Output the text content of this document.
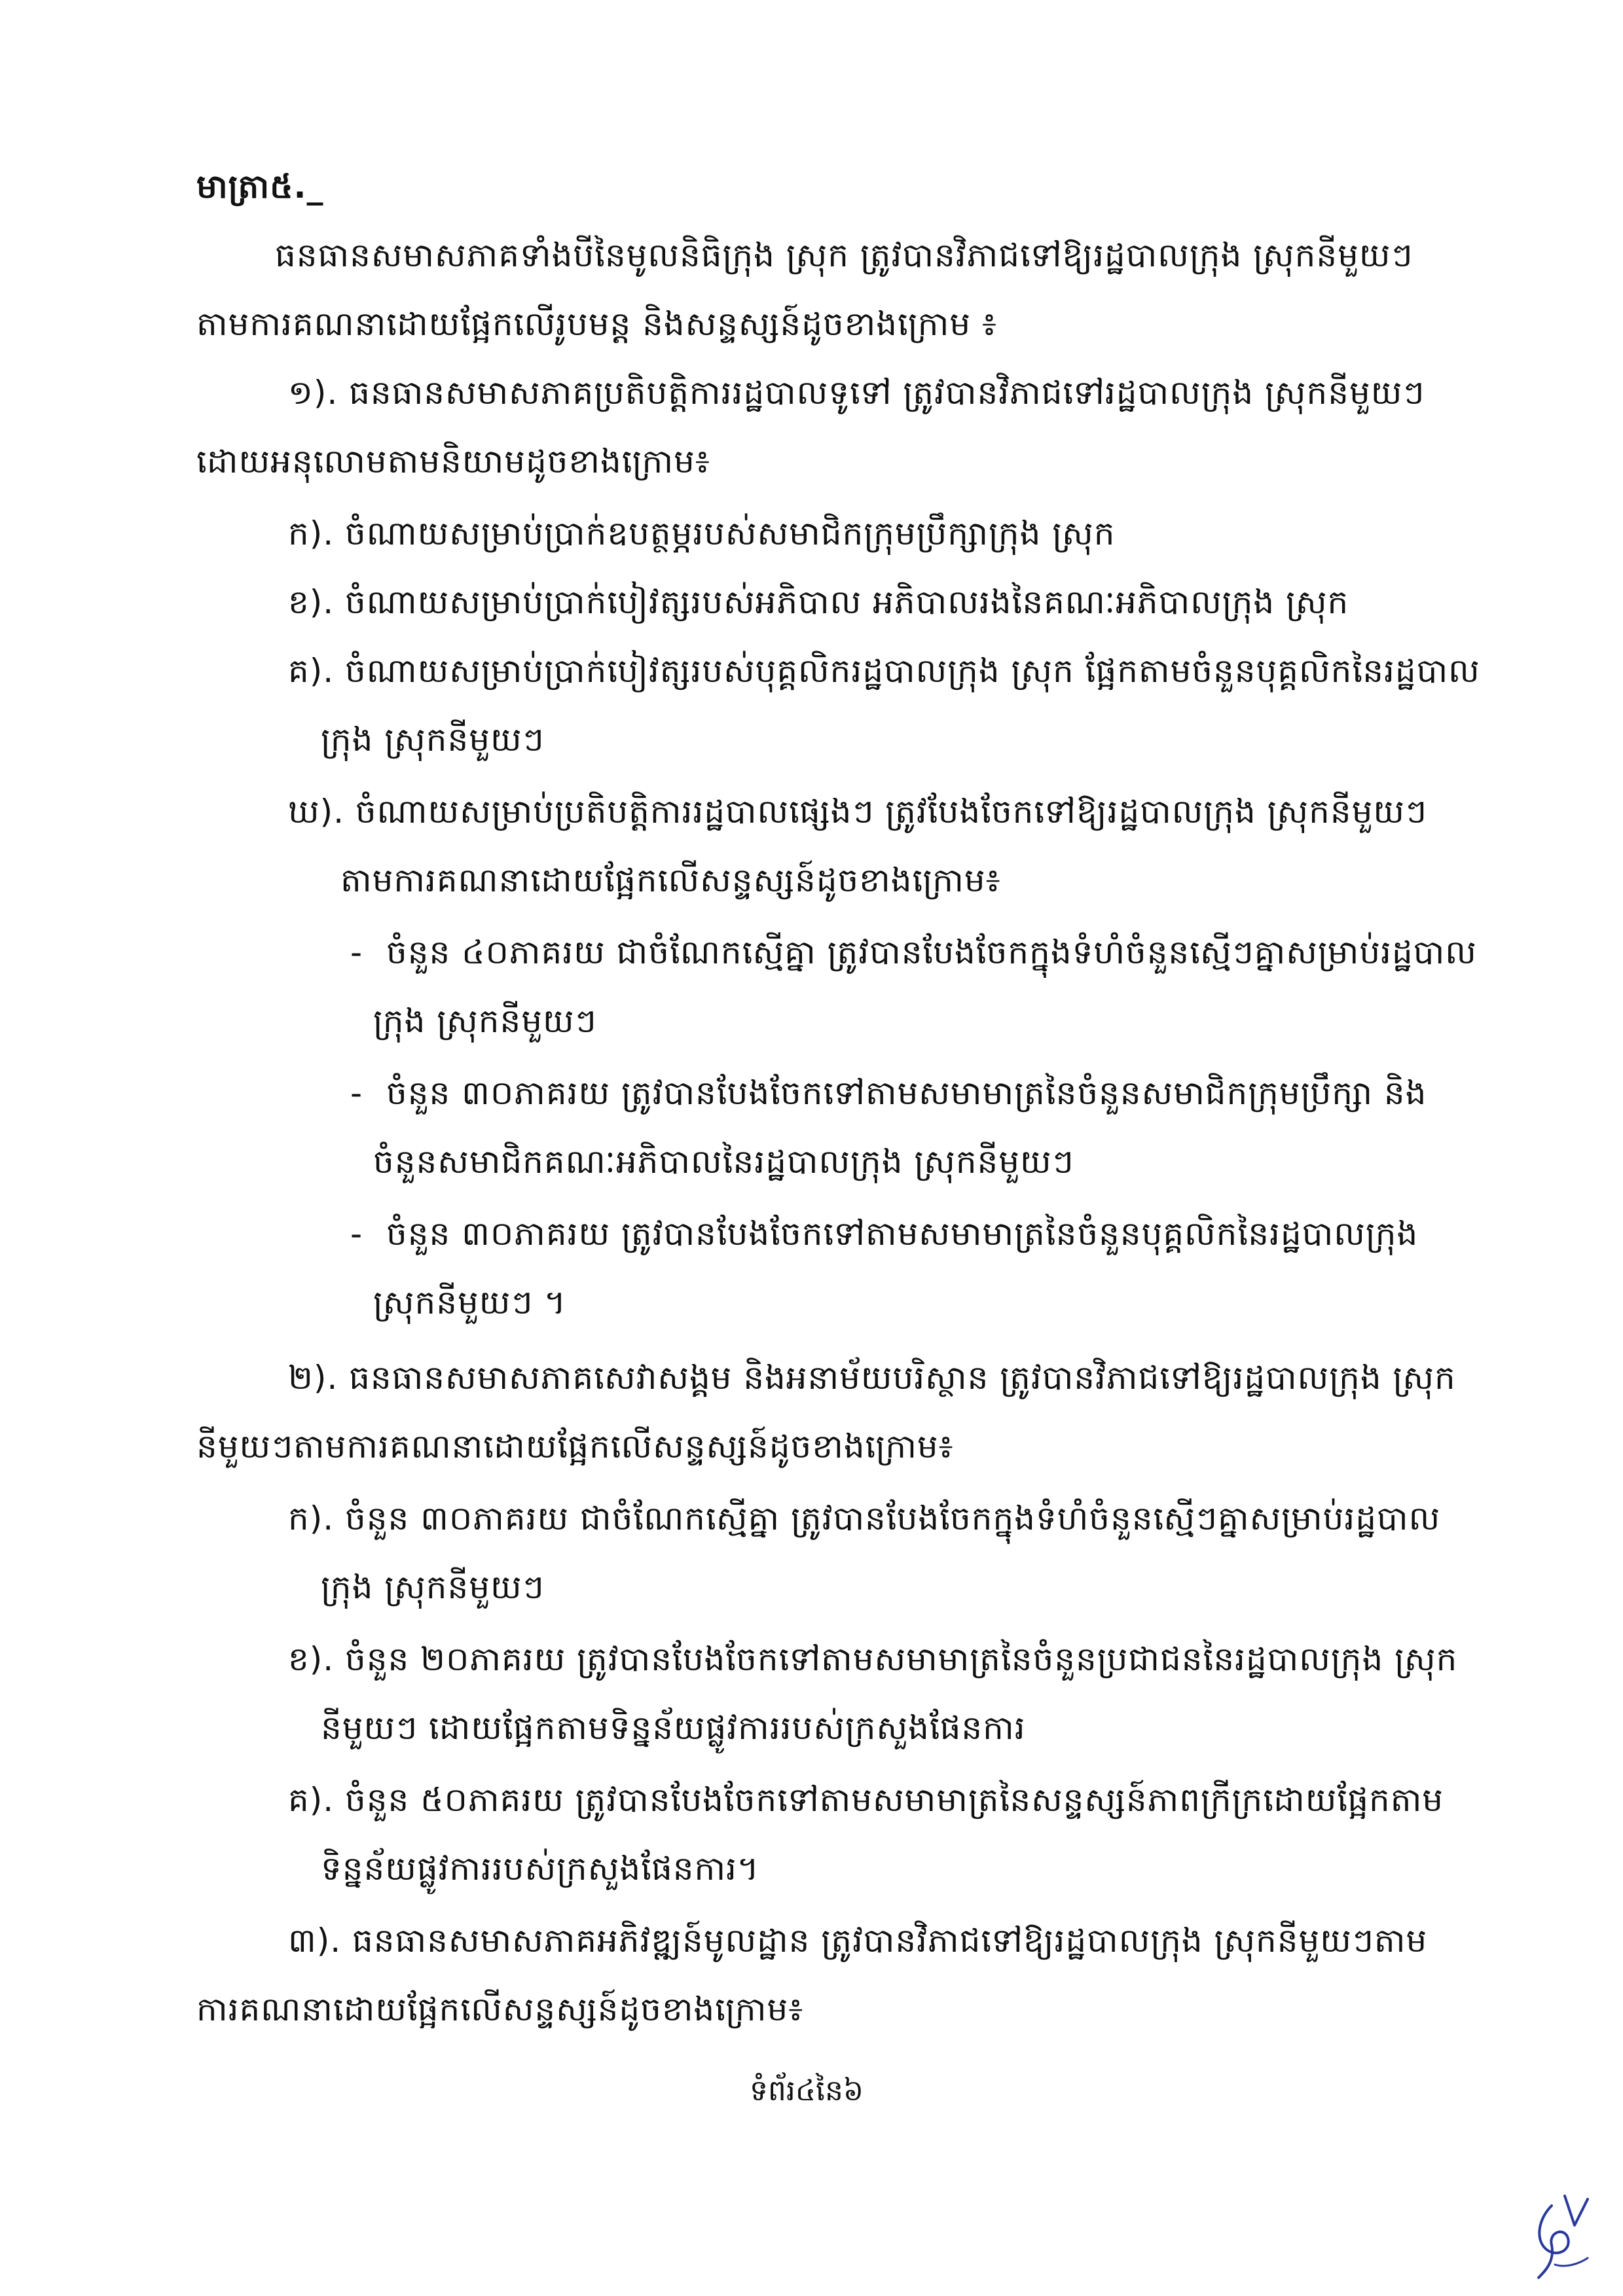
មាត្រា៥._
ធនធានសមាសភាគទាំងបីនៃមូលនិធិក្រុង ស្រុក ត្រូវបានវិភាជទៅឱ្យរដ្ឋបាលក្រុង ស្រុកនីមួយៗ
តាមការគណនាដោយផ្អែកលើរូបមន្ត និងសន្ទស្សន៍ដូចខាងក្រោម ៖
១). ធនធានសមាសភាគប្រតិបត្តិការរដ្ឋបាលទូទៅ ត្រូវបានវិភាជទៅរដ្ឋបាលក្រុង ស្រុកនីមួយៗ
ដោយអនុលោមតាមនិយាមដូចខាងក្រោម៖
ក). ចំណាយសម្រាប់ប្រាក់ឧបត្ថម្ភរបស់សមាជិកក្រុមប្រឹក្សាក្រុង ស្រុក
ខ). ចំណាយសម្រាប់ប្រាក់បៀវត្សរបស់អភិបាល អភិបាលរងនៃគណៈអភិបាលក្រុង ស្រុក
គ). ចំណាយសម្រាប់ប្រាក់បៀវត្សរបស់បុគ្គលិករដ្ឋបាលក្រុង ស្រុក ផ្អែកតាមចំនួនបុគ្គលិកនៃរដ្ឋបាល
ក្រុង ស្រុកនីមួយៗ
ឃ). ចំណាយសម្រាប់ប្រតិបត្តិការរដ្ឋបាលផ្សេងៗ ត្រូវបែងចែកទៅឱ្យរដ្ឋបាលក្រុង ស្រុកនីមួយៗ
តាមការគណនាដោយផ្អែកលើសន្ទស្សន៍ដូចខាងក្រោម៖
- ចំនួន ៤០ភាគរយ ជាចំណែកស្មើគ្នា ត្រូវបានបែងចែកក្នុងទំហំចំនួនស្មើៗគ្នាសម្រាប់រដ្ឋបាល
ក្រុង ស្រុកនីមួយៗ
- ចំនួន ៣០ភាគរយ ត្រូវបានបែងចែកទៅតាមសមាមាត្រនៃចំនួនសមាជិកក្រុមប្រឹក្សា និង
ចំនួនសមាជិកគណៈអភិបាលនៃរដ្ឋបាលក្រុង ស្រុកនីមួយៗ
- ចំនួន ៣០ភាគរយ ត្រូវបានបែងចែកទៅតាមសមាមាត្រនៃចំនួនបុគ្គលិកនៃរដ្ឋបាលក្រុង
ស្រុកនីមួយៗ ។
២). ធនធានសមាសភាគសេវាសង្គម និងអនាម័យបរិស្ថាន ត្រូវបានវិភាជទៅឱ្យរដ្ឋបាលក្រុង ស្រុក
នីមួយៗតាមការគណនាដោយផ្អែកលើសន្ទស្សន៍ដូចខាងក្រោម៖
ក). ចំនួន ៣០ភាគរយ ជាចំណែកស្មើគ្នា ត្រូវបានបែងចែកក្នុងទំហំចំនួនស្មើៗគ្នាសម្រាប់រដ្ឋបាល
ក្រុង ស្រុកនីមួយៗ
ខ). ចំនួន ២០ភាគរយ ត្រូវបានបែងចែកទៅតាមសមាមាត្រនៃចំនួនប្រជាជននៃរដ្ឋបាលក្រុង ស្រុក
នីមួយៗ ដោយផ្អែកតាមទិន្នន័យផ្លូវការរបស់ក្រសួងផែនការ
គ). ចំនួន ៥០ភាគរយ ត្រូវបានបែងចែកទៅតាមសមាមាត្រនៃសន្ទស្សន៍ភាពក្រីក្រដោយផ្អែកតាម
ទិន្នន័យផ្លូវការរបស់ក្រសួងផែនការ។
៣). ធនធានសមាសភាគអភិវឌ្ឍន៍មូលដ្ឋាន ត្រូវបានវិភាជទៅឱ្យរដ្ឋបាលក្រុង ស្រុកនីមួយៗតាម
ការគណនាដោយផ្អែកលើសន្ទស្សន៍ដូចខាងក្រោម៖
ទំព័រ៤នៃ៦
